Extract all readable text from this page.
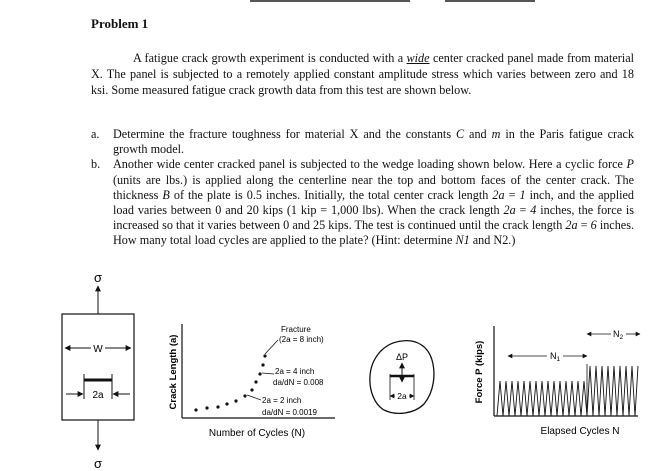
Problem 1

A fatigue crack growth experiment is conducted with a wide center cracked panel made from material X. The panel is subjected to a remotely applied constant amplitude stress which varies between zero and 18 ksi. Some measured fatigue crack growth data from this test are shown below.

a. Determine the fracture toughness for material X and the constants C and m in the Paris fatigue crack growth model.
b. Another wide center cracked panel is subjected to the wedge loading shown below. Here a cyclic force P (units are lbs.) is applied along the centerline near the top and bottom faces of the center crack. The thickness B of the plate is 0.5 inches. Initially, the total center crack length 2a = 1 inch, and the applied load varies between 0 and 20 kips (1 kip = 1,000 lbs). When the crack length 2a = 4 inches, the force is increased so that it varies between 0 and 25 kips. The test is continued until the crack length 2a = 6 inches. How many total load cycles are applied to the plate? (Hint: determine N1 and N2.)
σ
W
2a
σ
Crack Length (a)
Number of Cycles (N)
Fracture
(2a = 8 inch)
2a = 4 inch
da/dN = 0.008
2a = 2 inch
da/dN = 0.0019
ΔP
2a	Force P (kips)
Elapsed Cycles N
$N_1$
$N_2$
